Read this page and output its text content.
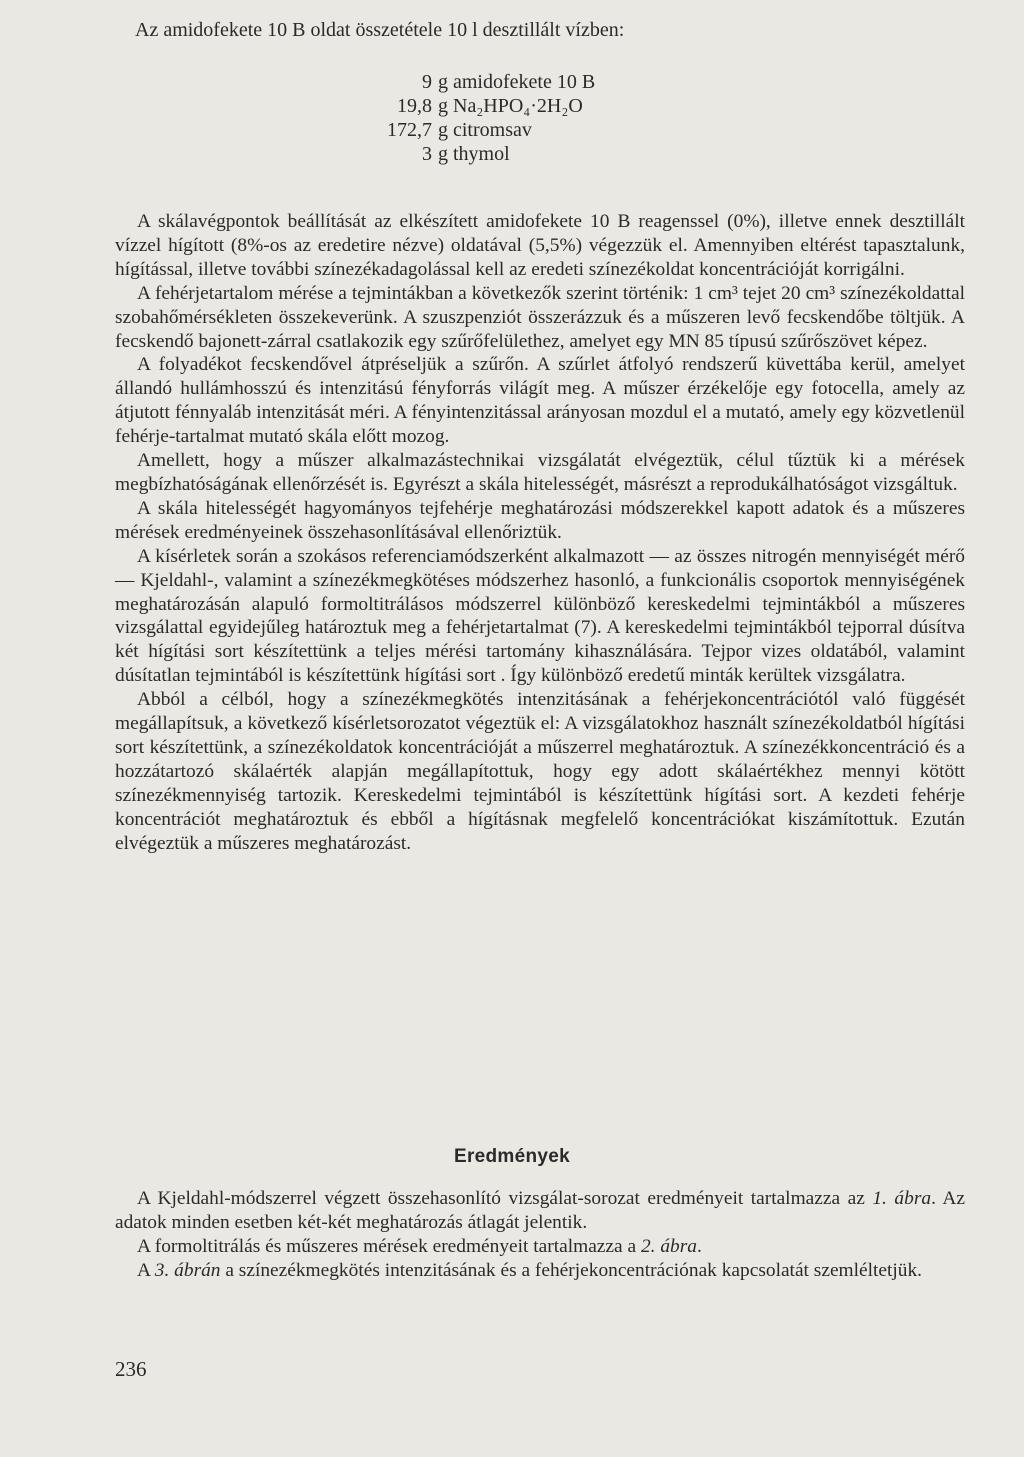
Az amidofekete 10 B oldat összetétele 10 l desztillált vízben:
9 g amidofekete 10 B
19,8 g Na₂HPO₄·2H₂O
172,7 g citromsav
3 g thymol

A skálavégpontok beállítását az elkészített amidofekete 10 B reagenssel (0%), illetve ennek desztillált vízzel hígított (8%-os az eredetire nézve) oldatával (5,5%) végezzük el. Amennyiben eltérést tapasztalunk, hígítással, illetve további színezékadagolással kell az eredeti színezékoldat koncentrációját korrigálni.

A fehérjetartalom mérése a tejmintákban a következők szerint történik: 1 cm³ tejet 20 cm³ színezékoldattal szobahőmérsékleten összekeverünk. A szuszpenziót összerázzuk és a műszeren levő fecskendőbe töltjük. A fecskendő bajonett-zárral csatlakozik egy szűrőfelülethez, amelyet egy MN 85 típusú szűrőszövet képez.

A folyadékot fecskendővel átpréseljük a szűrőn. A szűrlet átfolyó rendszerű küvettába kerül, amelyet állandó hullámhosszú és intenzitású fényforrás világít meg. A műszer érzékelője egy fotocella, amely az átjutott fénnyaláb intenzitását méri. A fényintenzitással arányosan mozdul el a mutató, amely egy közvetlenül fehérje-tartalmat mutató skála előtt mozog.

Amellett, hogy a műszer alkalmazástechnikai vizsgálatát elvégeztük, célul tűztük ki a mérések megbízhatóságának ellenőrzését is. Egyrészt a skála hitelességét, másrészt a reprodukálhatóságot vizsgáltuk.

A skála hitelességét hagyományos tejfehérje meghatározási módszerekkel kapott adatok és a műszeres mérések eredményeinek összehasonlításával ellenőriztük.

A kísérletek során a szokásos referenciamódszerként alkalmazott — az összes nitrogén mennyiségét mérő — Kjeldahl-, valamint a színezékmegkötéses módszerhez hasonló, a funkcionális csoportok mennyiségének meghatározásán alapuló formoltitrálásos módszerrel különböző kereskedelmi tejmintákból a műszeres vizsgálattal egyidejűleg határoztuk meg a fehérjetartalmat (7). A kereskedelmi tejmintákból tejporral dúsítva két hígítási sort készítettünk a teljes mérési tartomány kihasználására. Tejpor vizes oldatából, valamint dúsítatlan tejmintából is készítettünk hígítási sort . Így különböző eredetű minták kerültek vizsgálatra.

Abból a célból, hogy a színezékmegkötés intenzitásának a fehérjekoncentrációtól való függését megállapítsuk, a következő kísérletsorozatot végeztük el: A vizsgálatokhoz használt színezékoldatból hígítási sort készítettünk, a színezékoldatok koncentrációját a műszerrel meghatároztuk. A színezékkoncentráció és a hozzátartozó skálaérték alapján megállapítottuk, hogy egy adott skálaértékhez mennyi kötött színezékmennyiség tartozik. Kereskedelmi tejmintából is készítettünk hígítási sort. A kezdeti fehérje koncentrációt meghatároztuk és ebből a hígításnak megfelelő koncentrációkat kiszámítottuk. Ezután elvégeztük a műszeres meghatározást.

Eredmények

A Kjeldahl-módszerrel végzett összehasonlító vizsgálat-sorozat eredményeit tartalmazza az 1. ábra. Az adatok minden esetben két-két meghatározás átlagát jelentik.

A formoltitrálás és műszeres mérések eredményeit tartalmazza a 2. ábra.

A 3. ábrán a színezékmegkötés intenzitásának és a fehérjekoncentrációnak kapcsolatát szemléltetjük.

236
